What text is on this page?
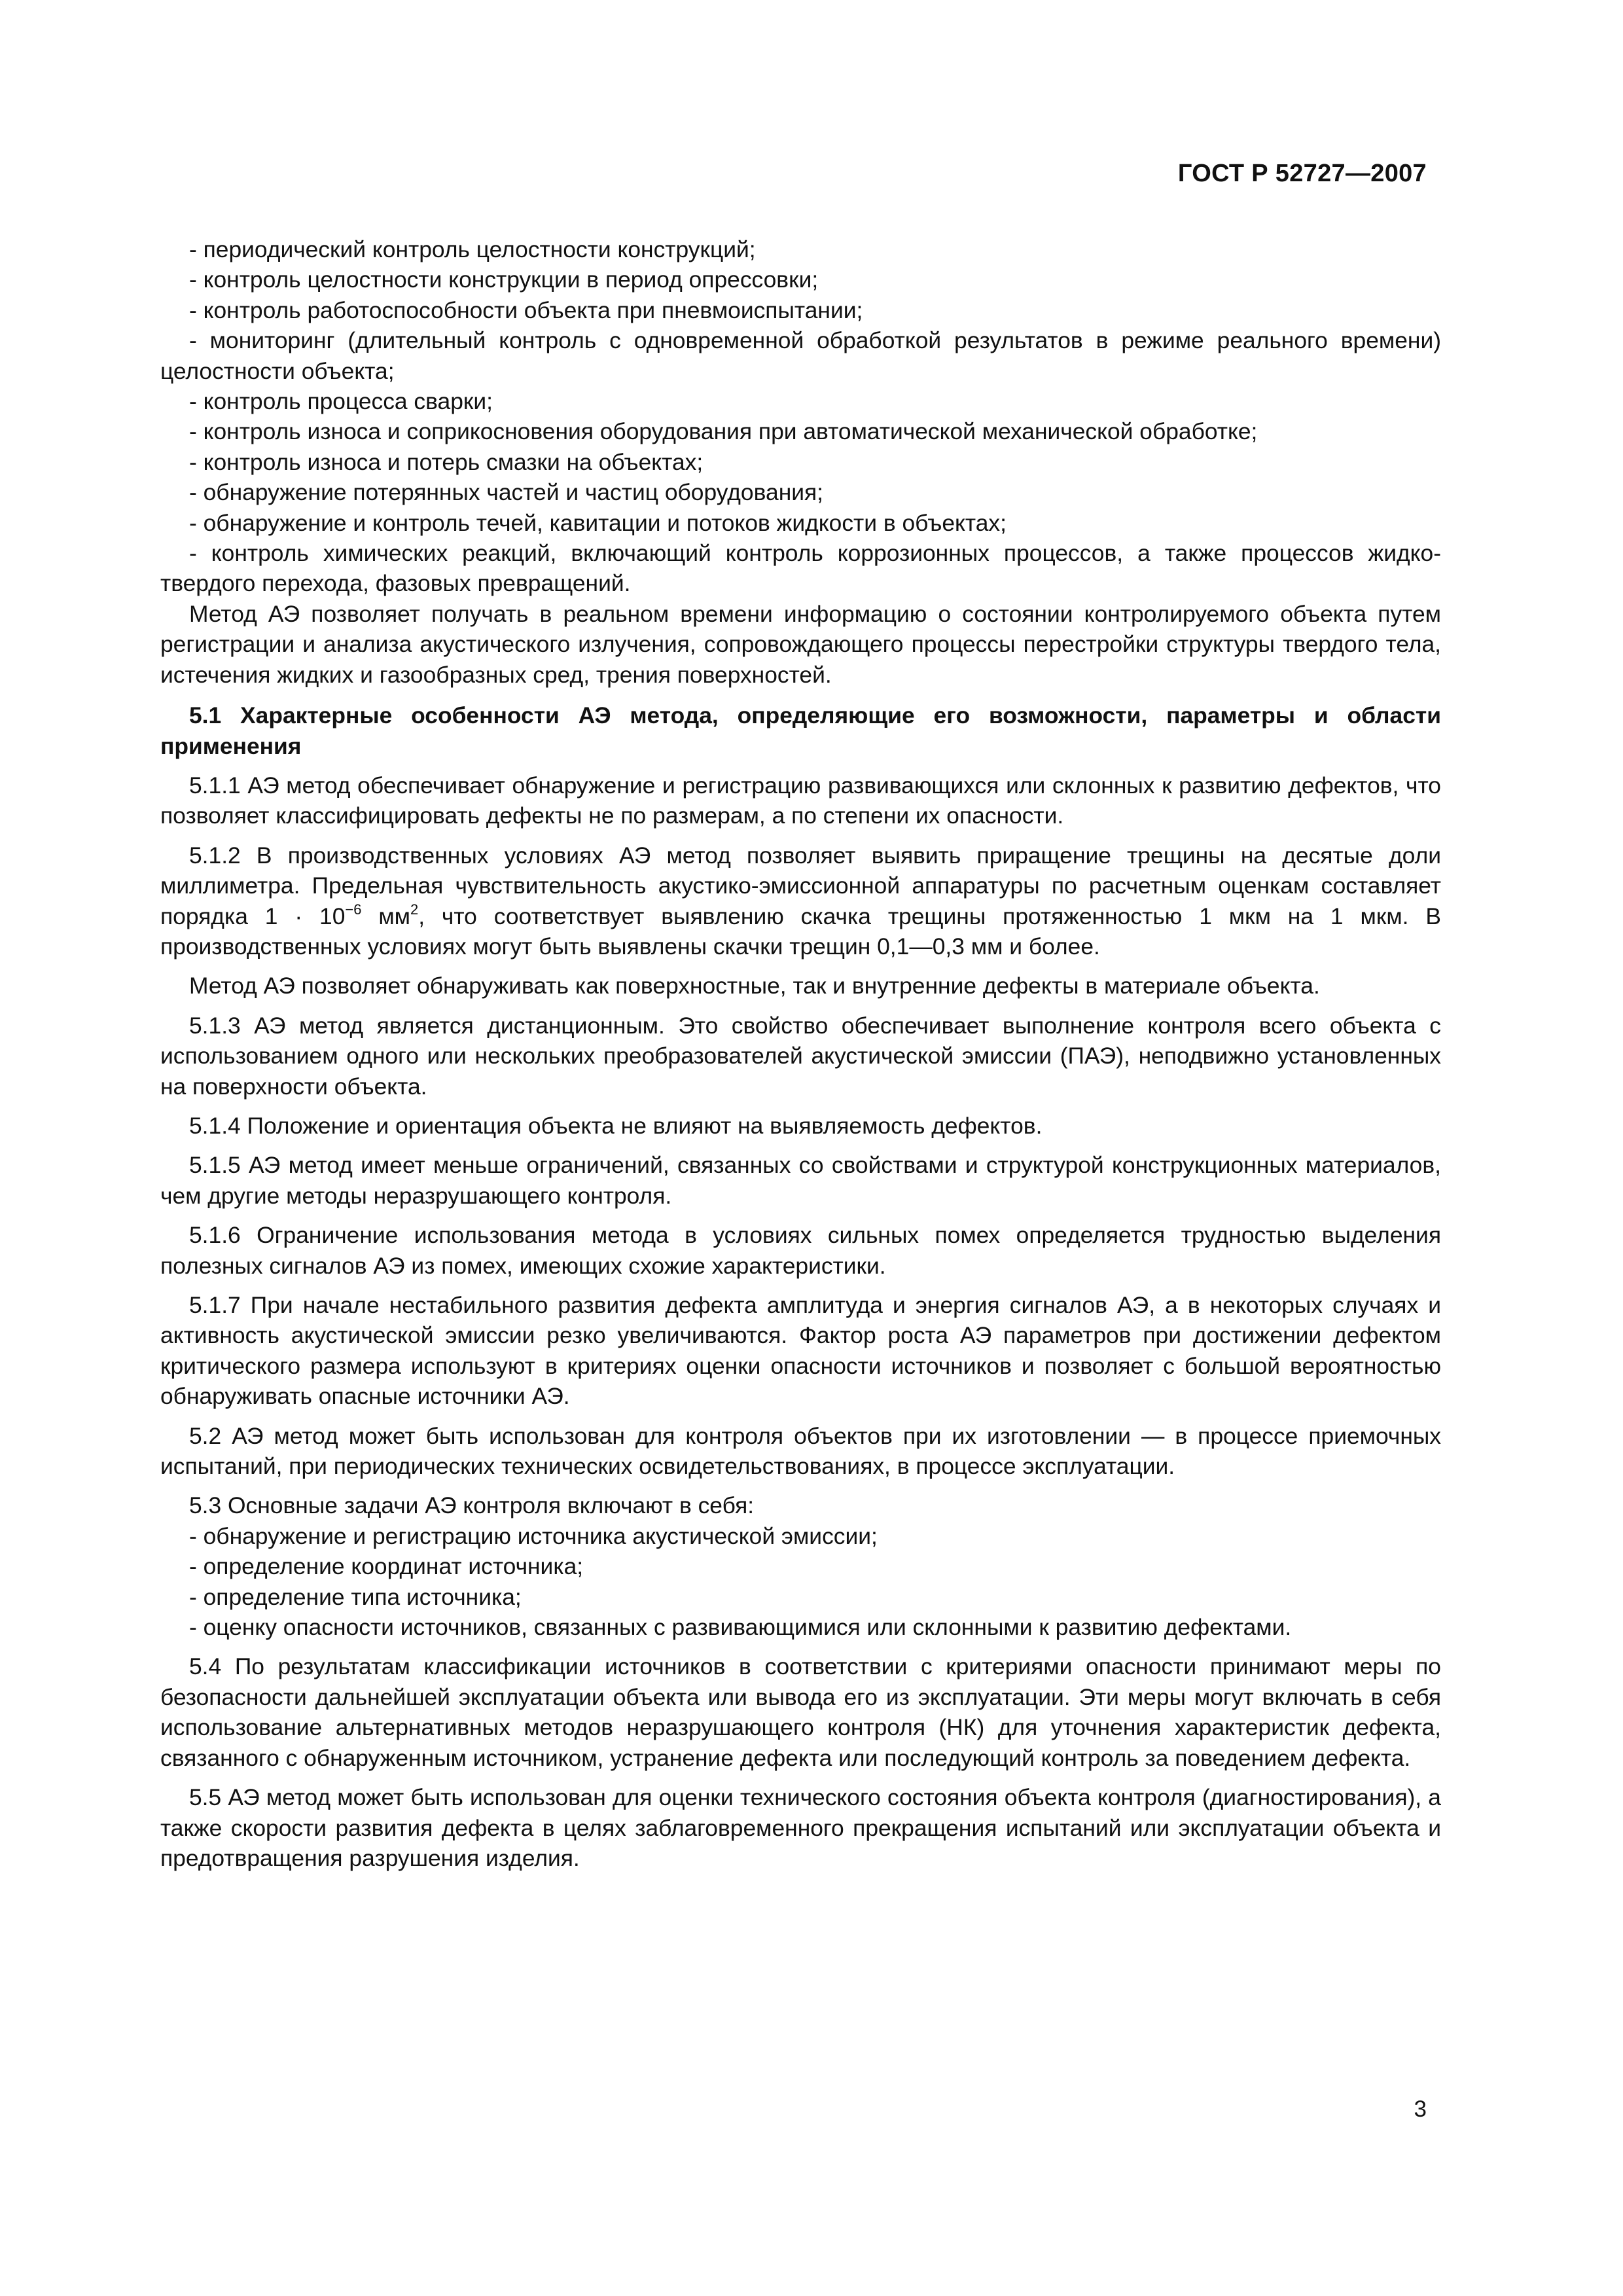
ГОСТ Р 52727—2007

- периодический контроль целостности конструкций;

- контроль целостности конструкции в период опрессовки;

- контроль работоспособности объекта при пневмоиспытании;

- мониторинг (длительный контроль с одновременной обработкой результатов в режиме реального времени) целостности объекта;

- контроль процесса сварки;

- контроль износа и соприкосновения оборудования при автоматической механической обработке;

- контроль износа и потерь смазки на объектах;

- обнаружение потерянных частей и частиц оборудования;

- обнаружение и контроль течей, кавитации и потоков жидкости в объектах;

- контроль химических реакций, включающий контроль коррозионных процессов, а также процессов жидко-твердого перехода, фазовых превращений.

Метод АЭ позволяет получать в реальном времени информацию о состоянии контролируемого объекта путем регистрации и анализа акустического излучения, сопровождающего процессы перестройки структуры твердого тела, истечения жидких и газообразных сред, трения поверхностей.

5.1 Характерные особенности АЭ метода, определяющие его возможности, параметры и области применения

5.1.1 АЭ метод обеспечивает обнаружение и регистрацию развивающихся или склонных к развитию дефектов, что позволяет классифицировать дефекты не по размерам, а по степени их опасности.

5.1.2 В производственных условиях АЭ метод позволяет выявить приращение трещины на десятые доли миллиметра. Предельная чувствительность акустико-эмиссионной аппаратуры по расчетным оценкам составляет порядка $1 \cdot 10^{-6}$ $мм^2$, что соответствует выявлению скачка трещины протяженностью 1 мкм на 1 мкм. В производственных условиях могут быть выявлены скачки трещин 0,1—0,3 мм и более.

Метод АЭ позволяет обнаруживать как поверхностные, так и внутренние дефекты в материале объекта.

5.1.3 АЭ метод является дистанционным. Это свойство обеспечивает выполнение контроля всего объекта с использованием одного или нескольких преобразователей акустической эмиссии (ПАЭ), неподвижно установленных на поверхности объекта.

5.1.4 Положение и ориентация объекта не влияют на выявляемость дефектов.

5.1.5 АЭ метод имеет меньше ограничений, связанных со свойствами и структурой конструкционных материалов, чем другие методы неразрушающего контроля.

5.1.6 Ограничение использования метода в условиях сильных помех определяется трудностью выделения полезных сигналов АЭ из помех, имеющих схожие характеристики.

5.1.7 При начале нестабильного развития дефекта амплитуда и энергия сигналов АЭ, а в некоторых случаях и активность акустической эмиссии резко увеличиваются. Фактор роста АЭ параметров при достижении дефектом критического размера используют в критериях оценки опасности источников и позволяет с большой вероятностью обнаруживать опасные источники АЭ.

5.2 АЭ метод может быть использован для контроля объектов при их изготовлении — в процессе приемочных испытаний, при периодических технических освидетельствованиях, в процессе эксплуатации.

5.3 Основные задачи АЭ контроля включают в себя:

- обнаружение и регистрацию источника акустической эмиссии;

- определение координат источника;

- определение типа источника;

- оценку опасности источников, связанных с развивающимися или склонными к развитию дефектами.

5.4 По результатам классификации источников в соответствии с критериями опасности принимают меры по безопасности дальнейшей эксплуатации объекта или вывода его из эксплуатации. Эти меры могут включать в себя использование альтернативных методов неразрушающего контроля (НК) для уточнения характеристик дефекта, связанного с обнаруженным источником, устранение дефекта или последующий контроль за поведением дефекта.

5.5 АЭ метод может быть использован для оценки технического состояния объекта контроля (диагностирования), а также скорости развития дефекта в целях заблаговременного прекращения испытаний или эксплуатации объекта и предотвращения разрушения изделия.

3
